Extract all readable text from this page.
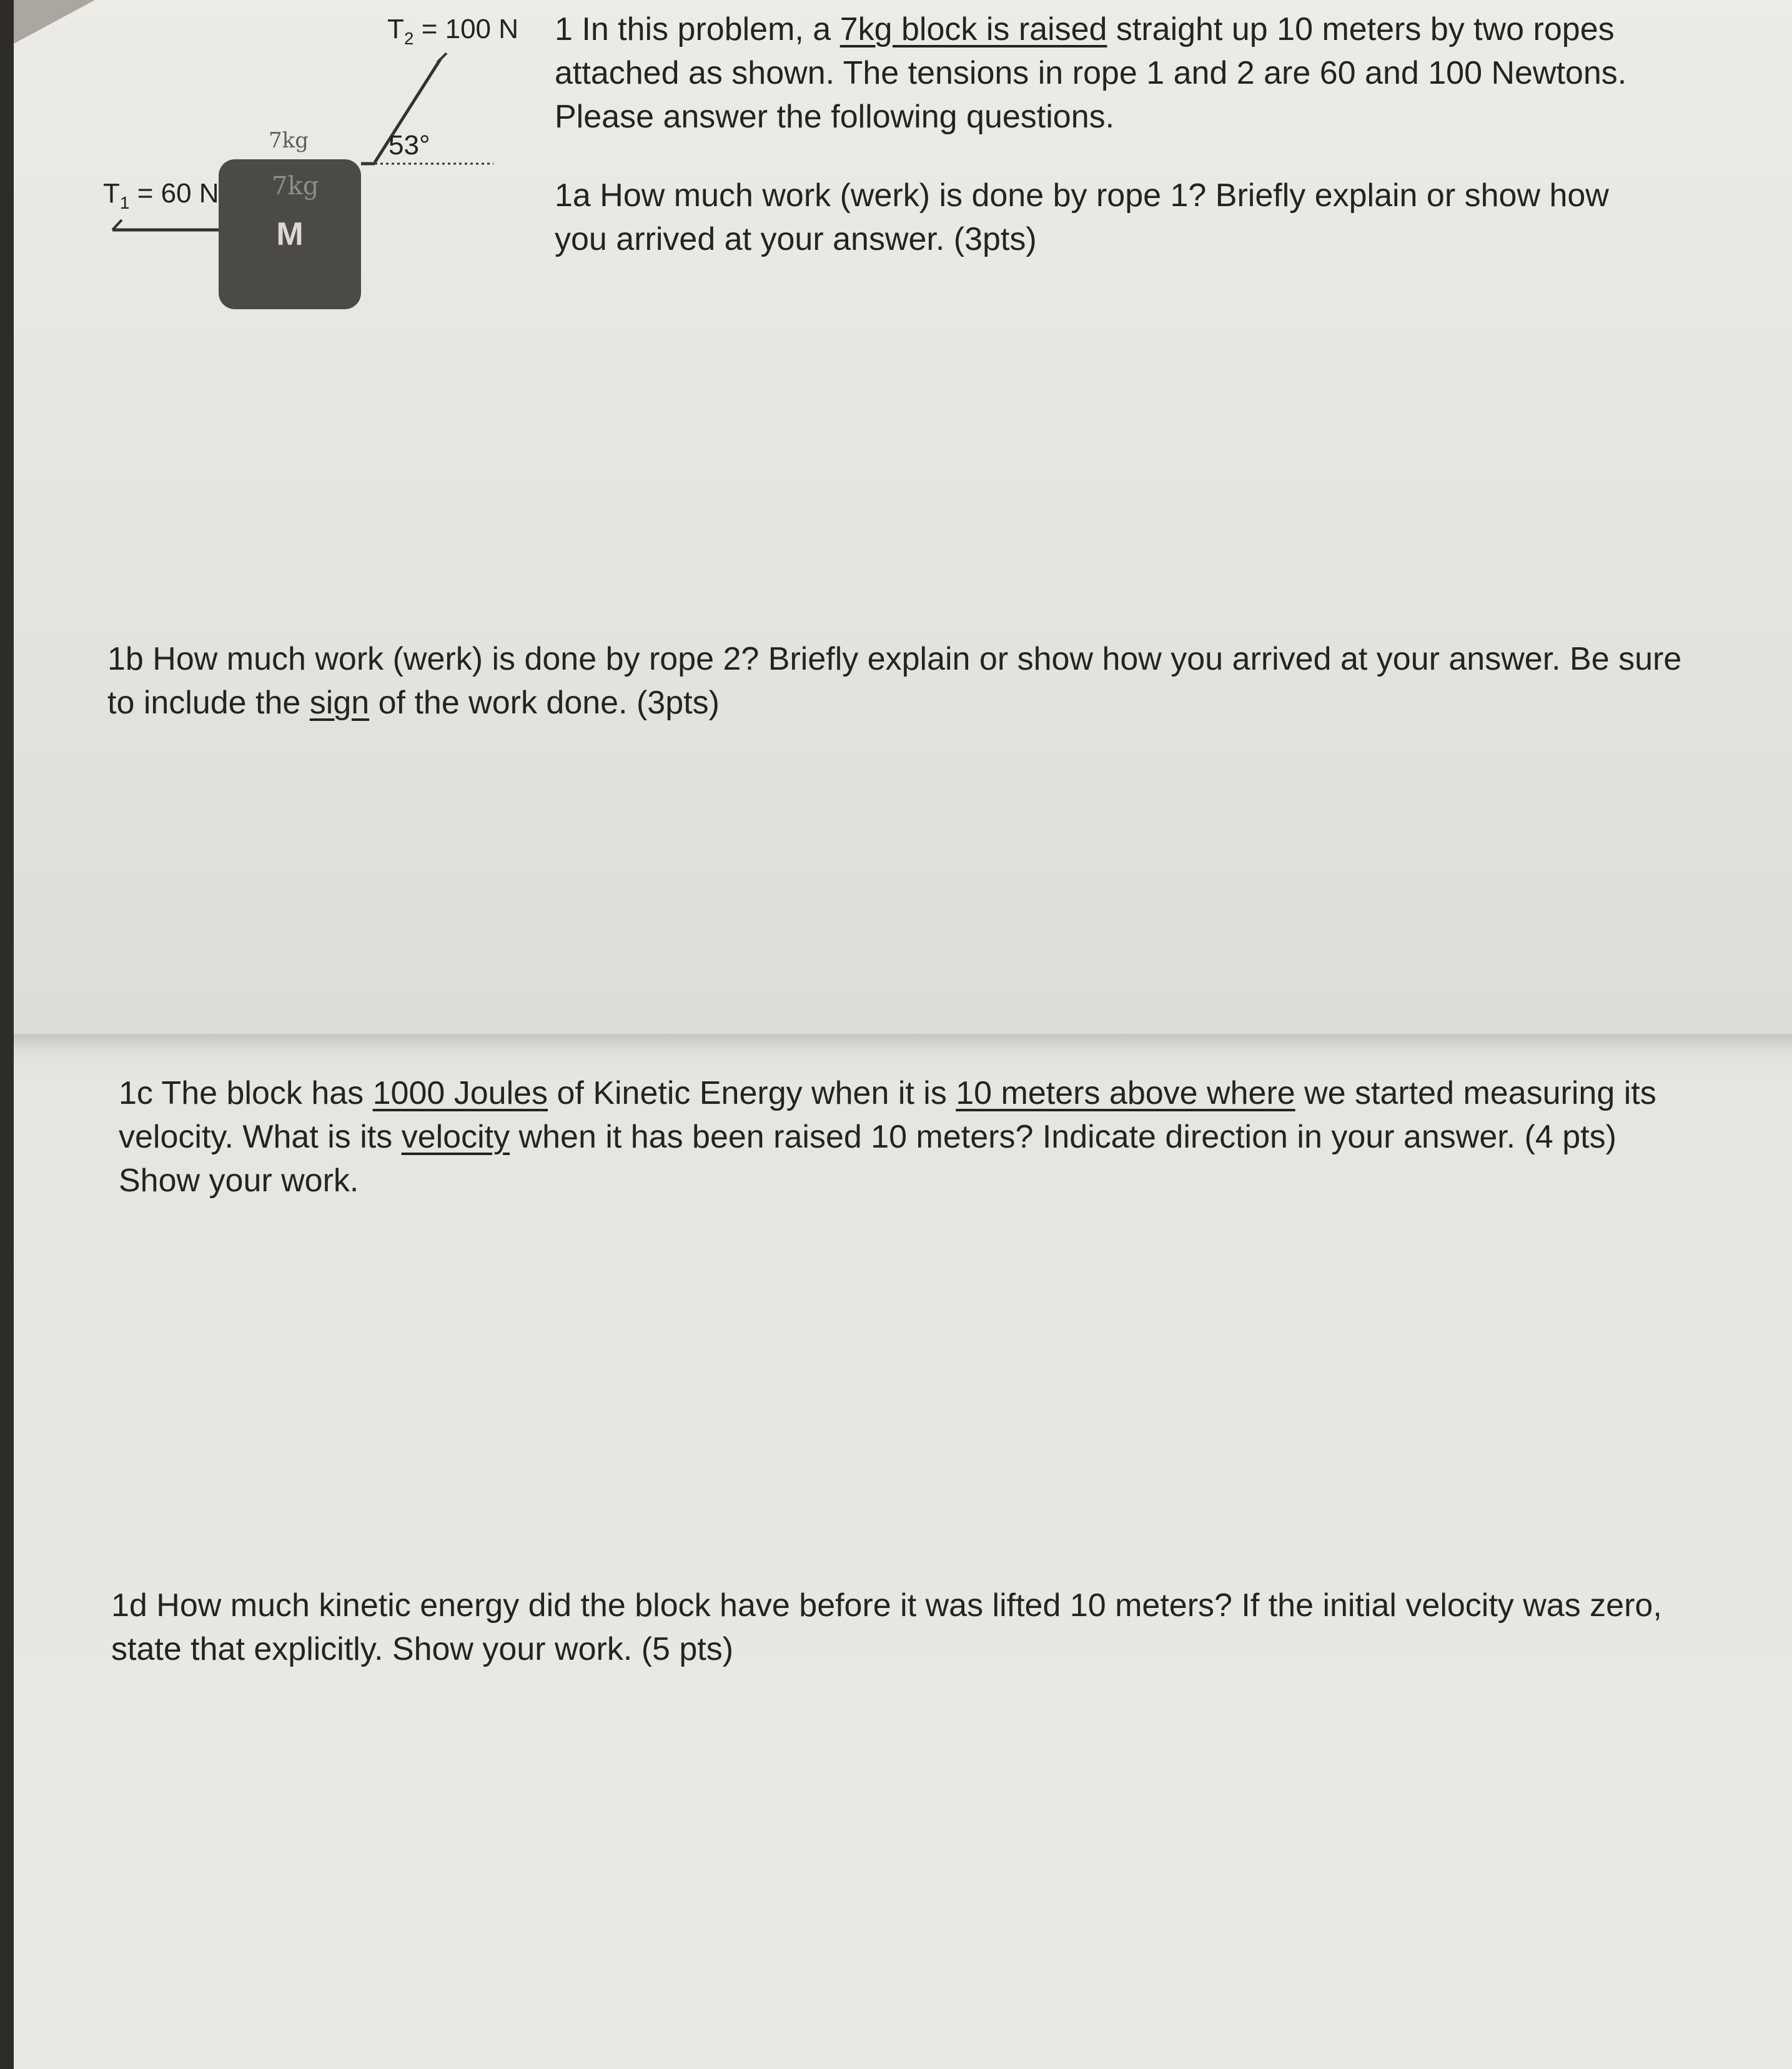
M
7kg
7kg
$T_2 = 100$ N
$T_1 = 60$ N
53°

1 In this problem, a 7kg block is raised straight up 10 meters by two ropes attached as shown. The tensions in rope 1 and 2 are 60 and 100 Newtons. Please answer the following questions.

1a How much work (werk) is done by rope 1? Briefly explain or show how you arrived at your answer. (3pts)

1b How much work (werk) is done by rope 2? Briefly explain or show how you arrived at your answer. Be sure to include the sign of the work done. (3pts)

1c The block has 1000 Joules of Kinetic Energy when it is 10 meters above where we started measuring its velocity. What is its velocity when it has been raised 10 meters? Indicate direction in your answer. (4 pts) Show your work.

1d How much kinetic energy did the block have before it was lifted 10 meters? If the initial velocity was zero, state that explicitly. Show your work. (5 pts)
